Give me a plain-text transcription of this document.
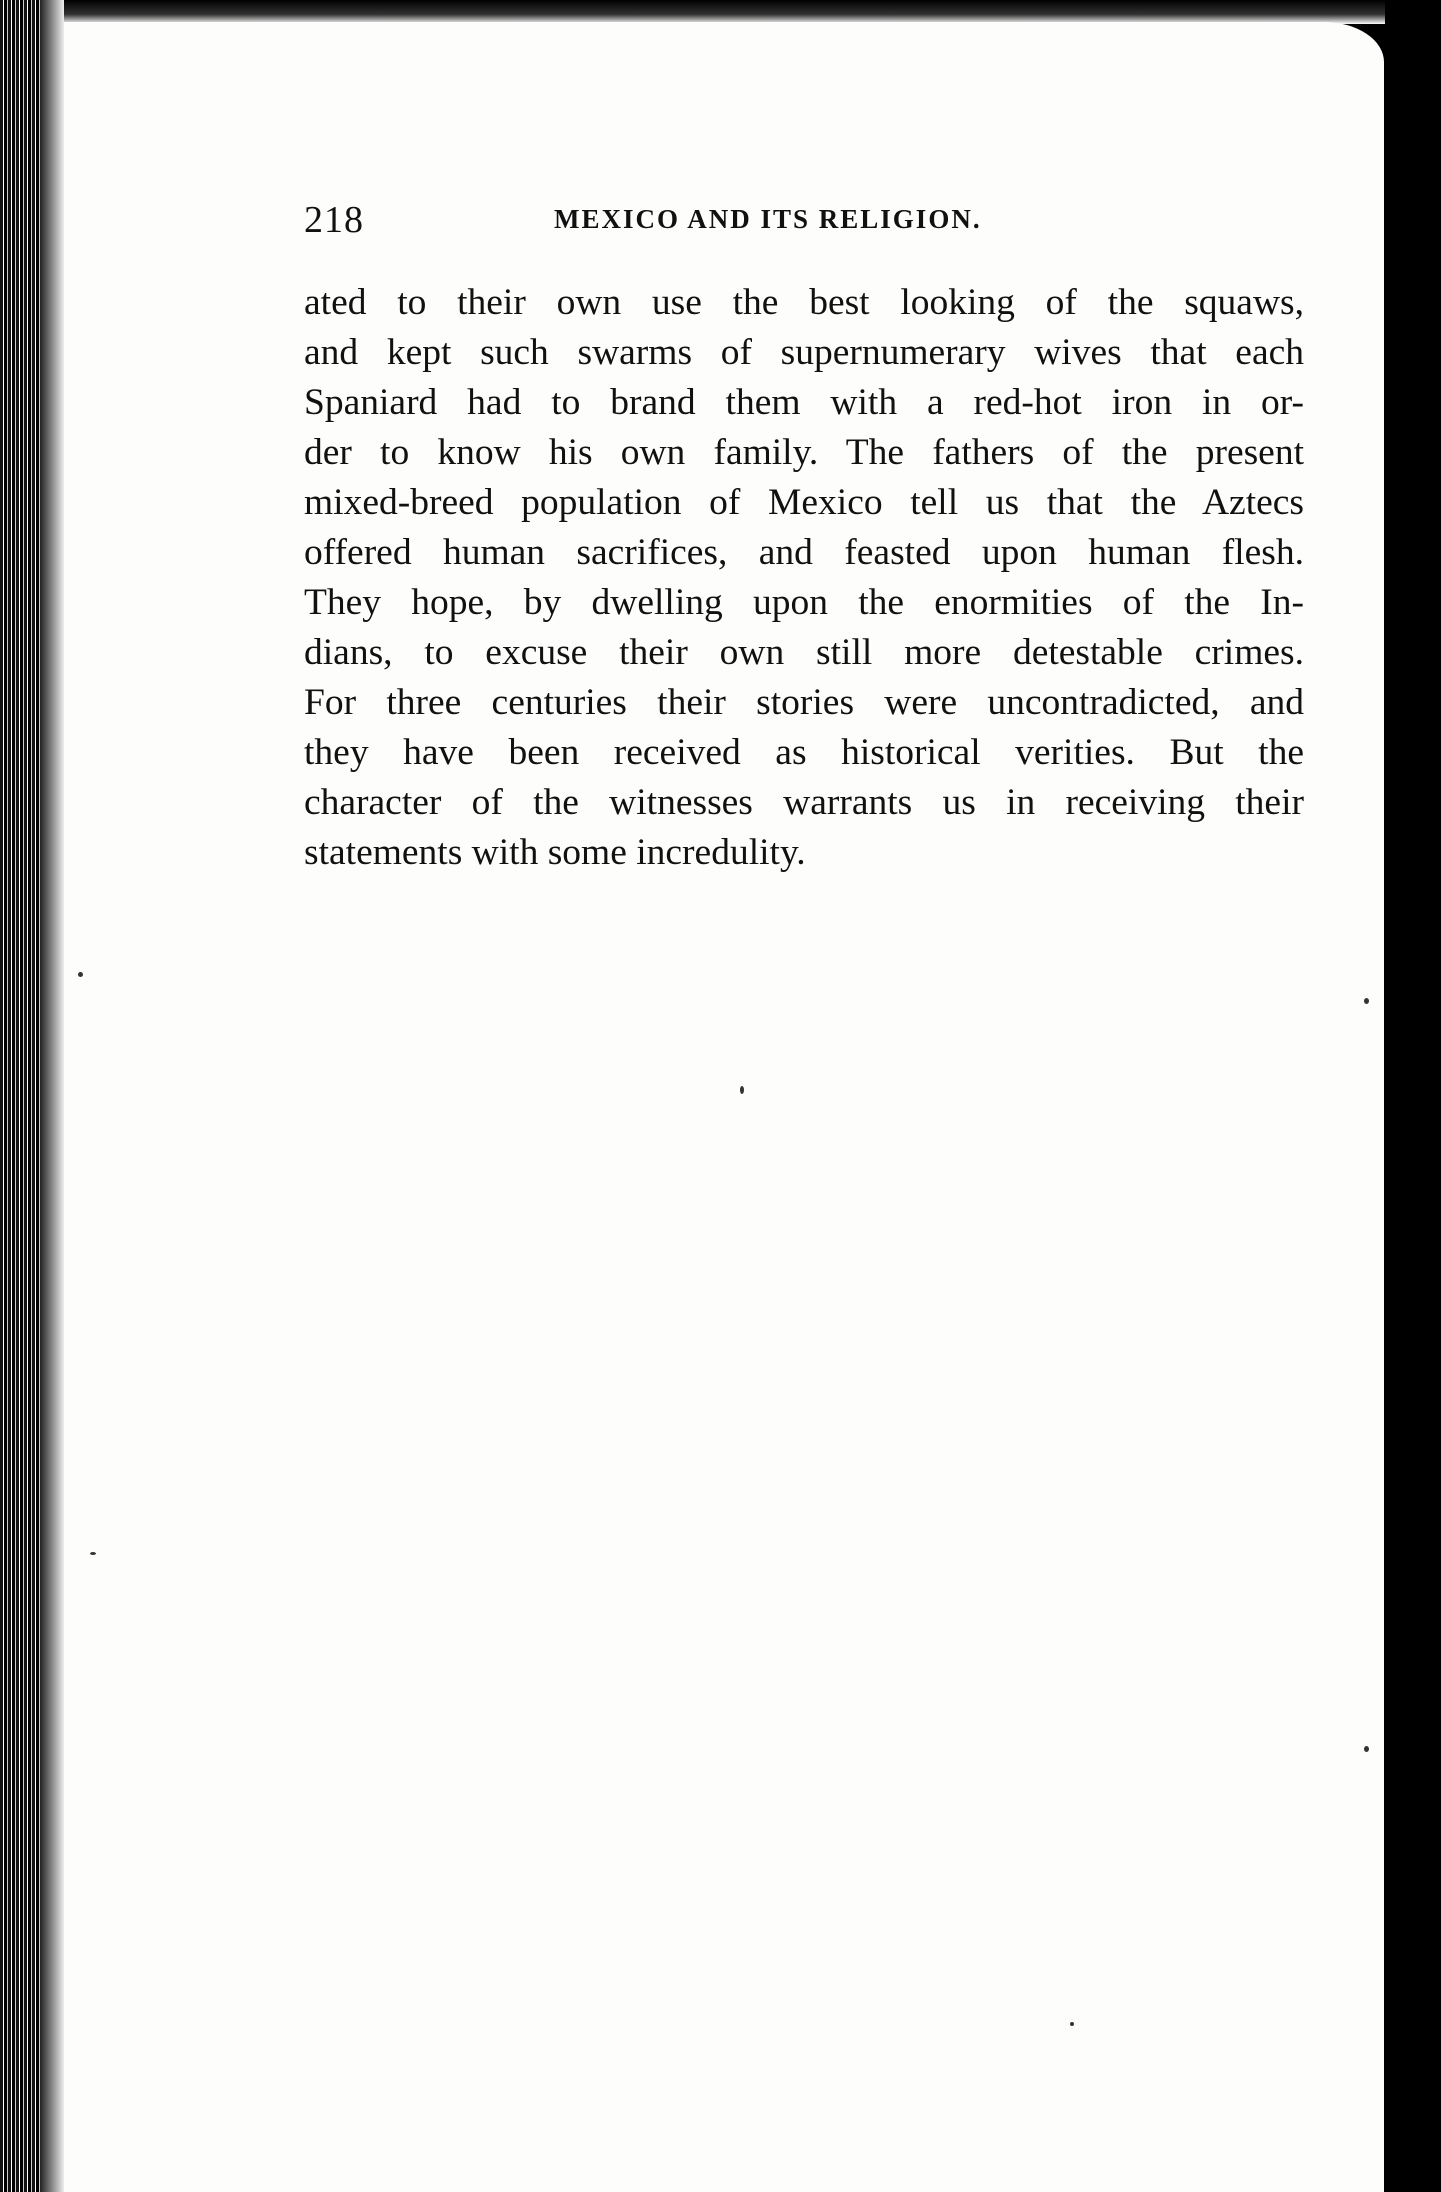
218	MEXICO AND ITS RELIGION.
ated to their own use the best looking of the squaws,
and kept such swarms of supernumerary wives that each
Spaniard had to brand them with a red-hot iron in or-
der to know his own family. The fathers of the present
mixed-breed population of Mexico tell us that the Aztecs
offered human sacrifices, and feasted upon human flesh.
They hope, by dwelling upon the enormities of the In-
dians, to excuse their own still more detestable crimes.
For three centuries their stories were uncontradicted, and
they have been received as historical verities. But the
character of the witnesses warrants us in receiving their
statements with some incredulity.
